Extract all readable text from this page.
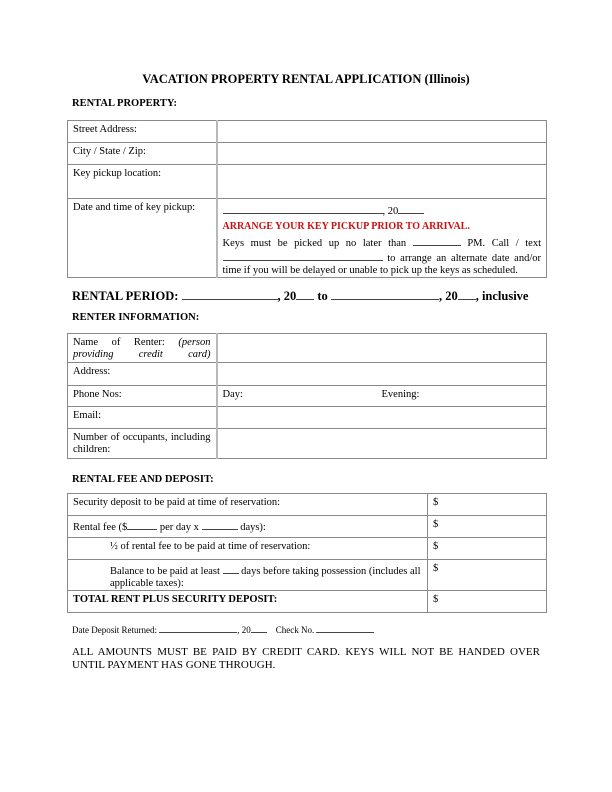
VACATION PROPERTY RENTAL APPLICATION (Illinois)
RENTAL PROPERTY:
Street Address:	
City / State / Zip:	
Key pickup location:	
Date and time of key pickup:	, 20
ARRANGE YOUR KEY PICKUP PRIOR TO ARRIVAL.
Keys must be picked up no later than PM. Call / text
to arrange an alternate date and/or
time if you will be delayed or unable to pick up the keys as scheduled.
RENTAL PERIOD:	, 20 to	, 20 , inclusive
RENTER INFORMATION:
Name of Renter: (person providing credit card)		

Address:		
Phone Nos:	Day:	Evening:
Email:		

Number of occupants, including children:		

RENTAL FEE AND DEPOSIT:
Security deposit to be paid at time of reservation:	$
Rental fee ($ per day x days):	$
½ of rental fee to be paid at time of reservation:	$
Balance to be paid at least days before taking possession (includes all applicable taxes):	$
TOTAL RENT PLUS SECURITY DEPOSIT:	$
Date Deposit Returned:	, 20	Check No.
ALL AMOUNTS MUST BE PAID BY CREDIT CARD. KEYS WILL NOT BE HANDED OVER UNTIL PAYMENT HAS GONE THROUGH.
